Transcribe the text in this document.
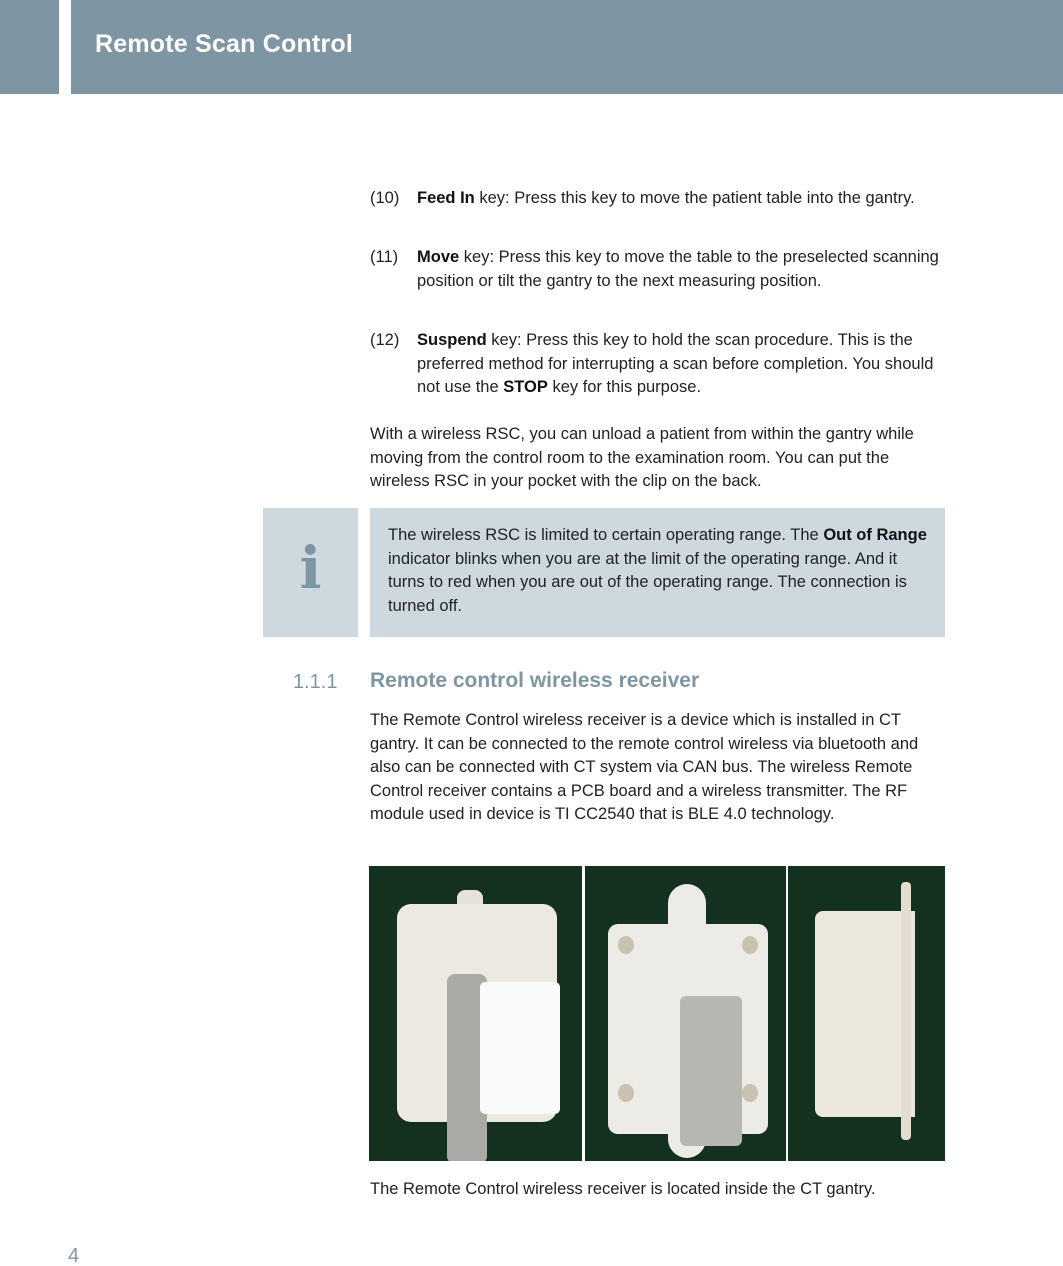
Remote Scan Control
(10)	Feed In key: Press this key to move the patient table into the gantry.
(11)	Move key: Press this key to move the table to the preselected scanning position or tilt the gantry to the next measuring position.
(12)	Suspend key: Press this key to hold the scan procedure. This is the preferred method for interrupting a scan before completion. You should not use the STOP key for this purpose.
With a wireless RSC, you can unload a patient from within the gantry while moving from the control room to the examination room. You can put the wireless RSC in your pocket with the clip on the back.
i	The wireless RSC is limited to certain operating range. The Out of Range indicator blinks when you are at the limit of the operating range. And it turns to red when you are out of the operating range. The connection is turned off.
1.1.1 Remote control wireless receiver
The Remote Control wireless receiver is a device which is installed in CT gantry. It can be connected to the remote control wireless via bluetooth and also can be connected with CT system via CAN bus. The wireless Remote Control receiver contains a PCB board and a wireless transmitter. The RF module used in device is TI CC2540 that is BLE 4.0 technology.
The Remote Control wireless receiver is located inside the CT gantry.
4
